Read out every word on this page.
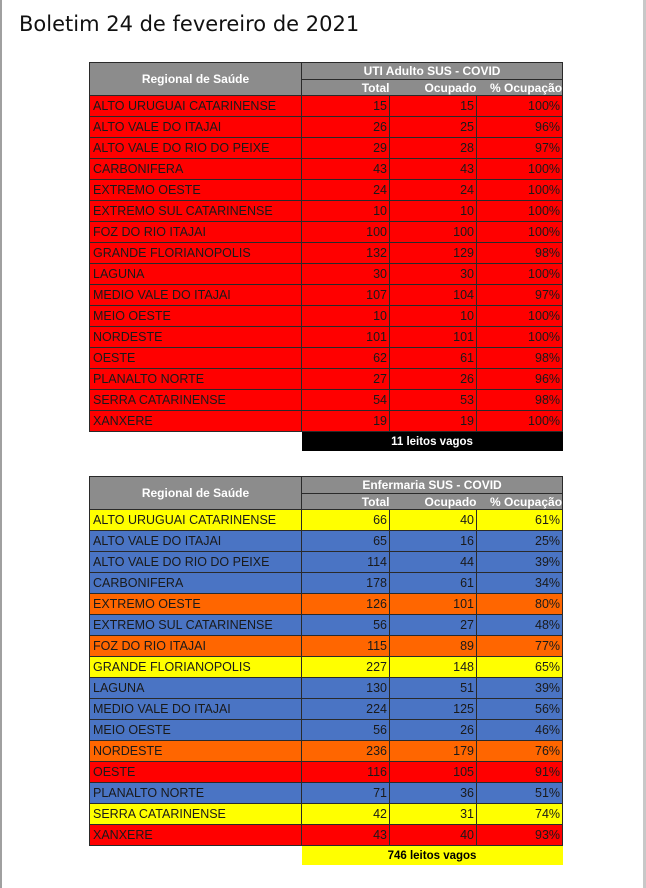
Boletim 24 de fevereiro de 2021
Regional de Saúde	UTI Adulto SUS - COVID		
	Total	Ocupado	% Ocupação
ALTO URUGUAI CATARINENSE	15	15	100%
ALTO VALE DO ITAJAI	26	25	96%
ALTO VALE DO RIO DO PEIXE	29	28	97%
CARBONIFERA	43	43	100%
EXTREMO OESTE	24	24	100%
EXTREMO SUL CATARINENSE	10	10	100%
FOZ DO RIO ITAJAI	100	100	100%
GRANDE FLORIANOPOLIS	132	129	98%
LAGUNA	30	30	100%
MEDIO VALE DO ITAJAI	107	104	97%
MEIO OESTE	10	10	100%
NORDESTE	101	101	100%
OESTE	62	61	98%
PLANALTO NORTE	27	26	96%
SERRA CATARINENSE	54	53	98%
XANXERE	19	19	100%
	11 leitos vagos		
Regional de Saúde	Enfermaria SUS - COVID		
	Total	Ocupado	% Ocupação
ALTO URUGUAI CATARINENSE	66	40	61%
ALTO VALE DO ITAJAI	65	16	25%
ALTO VALE DO RIO DO PEIXE	114	44	39%
CARBONIFERA	178	61	34%
EXTREMO OESTE	126	101	80%
EXTREMO SUL CATARINENSE	56	27	48%
FOZ DO RIO ITAJAI	115	89	77%
GRANDE FLORIANOPOLIS	227	148	65%
LAGUNA	130	51	39%
MEDIO VALE DO ITAJAI	224	125	56%
MEIO OESTE	56	26	46%
NORDESTE	236	179	76%
OESTE	116	105	91%
PLANALTO NORTE	71	36	51%
SERRA CATARINENSE	42	31	74%
XANXERE	43	40	93%
	746 leitos vagos		
